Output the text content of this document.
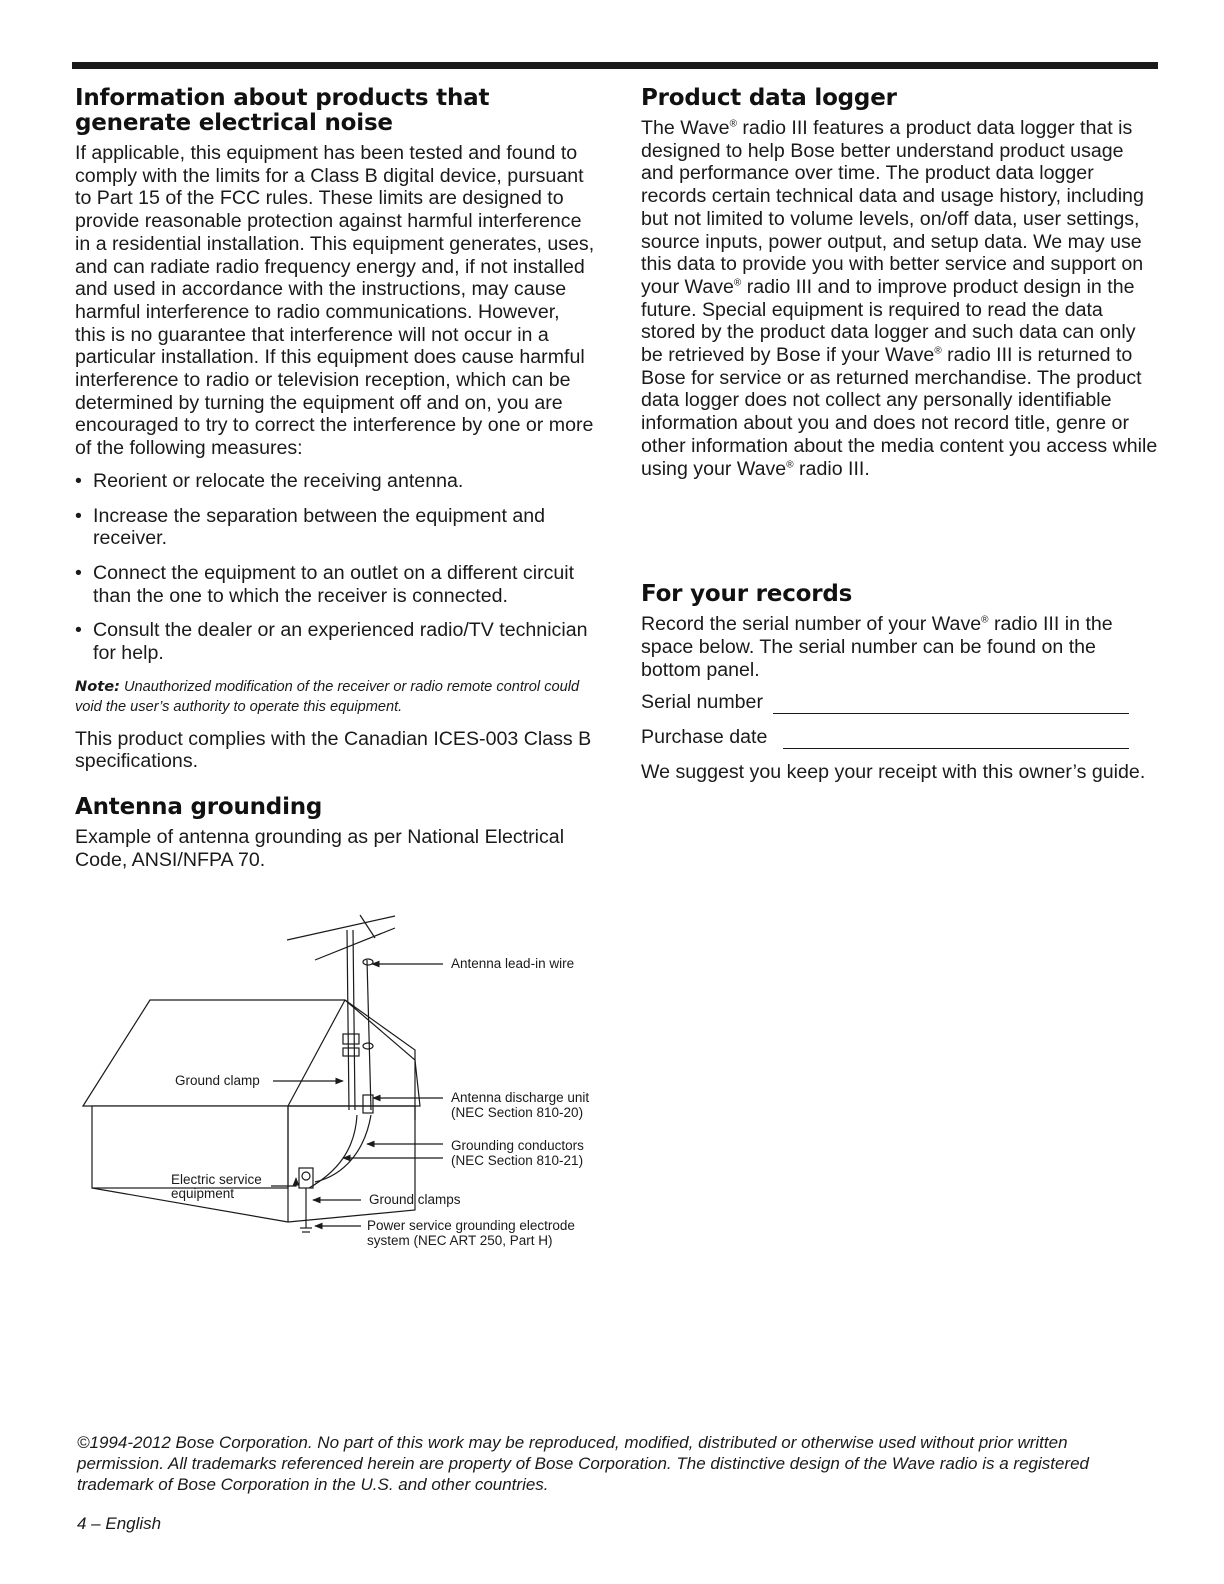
Information about products that generate electrical noise

If applicable, this equipment has been tested and found to comply with the limits for a Class B digital device, pursuant to Part 15 of the FCC rules. These limits are designed to provide reasonable protection against harmful interference in a residential installation. This equipment generates, uses, and can radiate radio frequency energy and, if not installed and used in accordance with the instructions, may cause harmful interference to radio communications. However, this is no guarantee that interference will not occur in a particular installation. If this equipment does cause harmful interference to radio or television reception, which can be determined by turning the equipment off and on, you are encouraged to try to correct the interference by one or more of the following measures:

• Reorient or relocate the receiving antenna.
• Increase the separation between the equipment and receiver.
• Connect the equipment to an outlet on a different circuit than the one to which the receiver is connected.
• Consult the dealer or an experienced radio/TV technician for help.

Note: Unauthorized modification of the receiver or radio remote control could void the user’s authority to operate this equipment.

This product complies with the Canadian ICES-003 Class B specifications.

Antenna grounding

Example of antenna grounding as per National Electrical Code, ANSI/NFPA 70.

Antenna lead-in wire
Ground clamp
Antenna discharge unit
(NEC Section 810-20)
Grounding conductors
(NEC Section 810-21)
Electric service
equipment	Ground clamps
Power service grounding electrode
system (NEC ART 250, Part H)
Product data logger

The Wave® radio III features a product data logger that is designed to help Bose better understand product usage and performance over time. The product data logger records certain technical data and usage history, including but not limited to volume levels, on/off data, user settings, source inputs, power output, and setup data. We may use this data to provide you with better service and support on your Wave® radio III and to improve product design in the future. Special equipment is required to read the data stored by the product data logger and such data can only be retrieved by Bose if your Wave® radio III is returned to Bose for service or as returned merchandise. The product data logger does not collect any personally identifiable information about you and does not record title, genre or other information about the media content you access while using your Wave® radio III.

For your records

Record the serial number of your Wave® radio III in the space below. The serial number can be found on the bottom panel.

Serial number
Purchase date

We suggest you keep your receipt with this owner’s guide.

©1994-2012 Bose Corporation. No part of this work may be reproduced, modified, distributed or otherwise used without prior written permission. All trademarks referenced herein are property of Bose Corporation. The distinctive design of the Wave radio is a registered trademark of Bose Corporation in the U.S. and other countries.

4 – English
